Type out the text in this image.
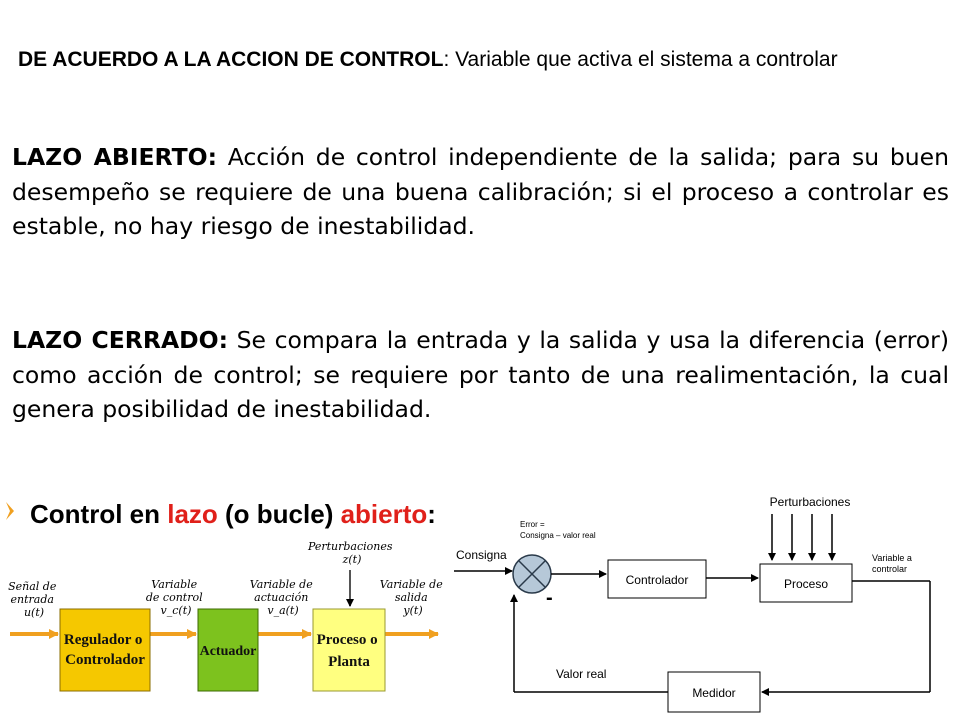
DE ACUERDO A LA ACCION DE CONTROL: Variable que activa el sistema a controlar
LAZO ABIERTO: Acción de control independiente de la salida; para su buen desempeño se requiere de una buena calibración; si el proceso a controlar es estable, no hay riesgo de inestabilidad.
LAZO CERRADO: Se compara la entrada y la salida y usa la diferencia (error) como acción de control; se requiere por tanto de una realimentación, la cual genera posibilidad de inestabilidad.
Control en lazo (o bucle) abierto:
Señal de entrada u(t)
Variable de control v_c(t)
Variable de actuación v_a(t)
Perturbaciones z(t)
Variable de salida y(t)
Regulador o Controlador
Actuador
Proceso o Planta
Perturbaciones
Error = Consigna – valor real
Consigna
-
Controlador	Proceso
Variable a controlar
Medidor
Valor real
